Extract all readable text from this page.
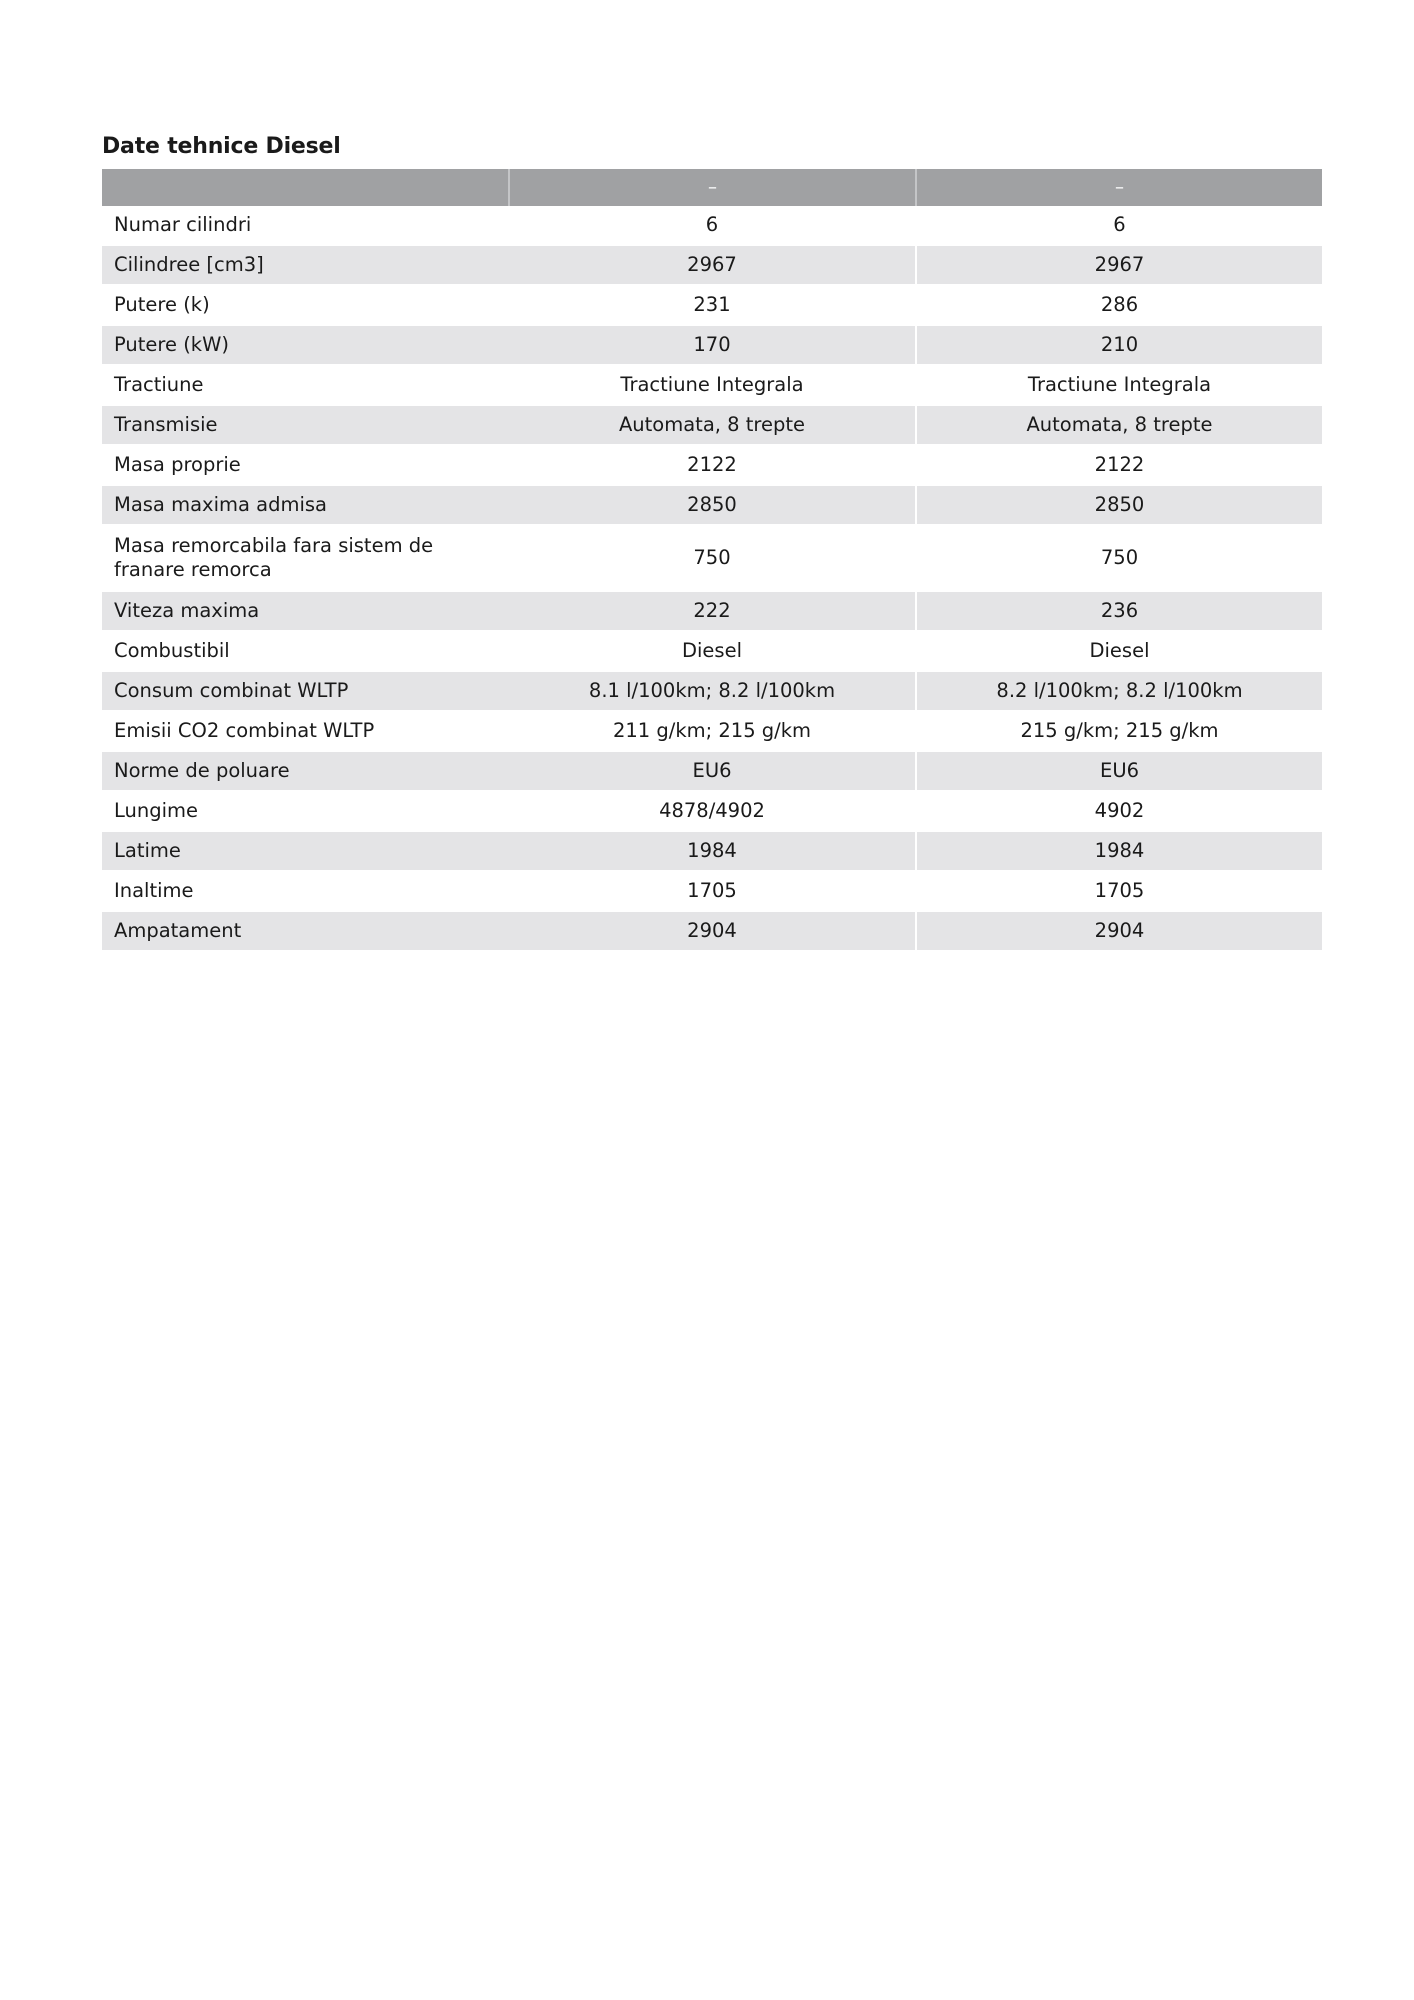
Date tehnice Diesel
	–	–
Numar cilindri	6	6
Cilindree [cm3]	2967	2967
Putere (k)	231	286
Putere (kW)	170	210
Tractiune	Tractiune Integrala	Tractiune Integrala
Transmisie	Automata, 8 trepte	Automata, 8 trepte
Masa proprie	2122	2122
Masa maxima admisa	2850	2850
Masa remorcabila fara sistem de franare remorca	750	750
Viteza maxima	222	236
Combustibil	Diesel	Diesel
Consum combinat WLTP	8.1 l/100km; 8.2 l/100km	8.2 l/100km; 8.2 l/100km
Emisii CO2 combinat WLTP	211 g/km; 215 g/km	215 g/km; 215 g/km
Norme de poluare	EU6	EU6
Lungime	4878/4902	4902
Latime	1984	1984
Inaltime	1705	1705
Ampatament	2904	2904
